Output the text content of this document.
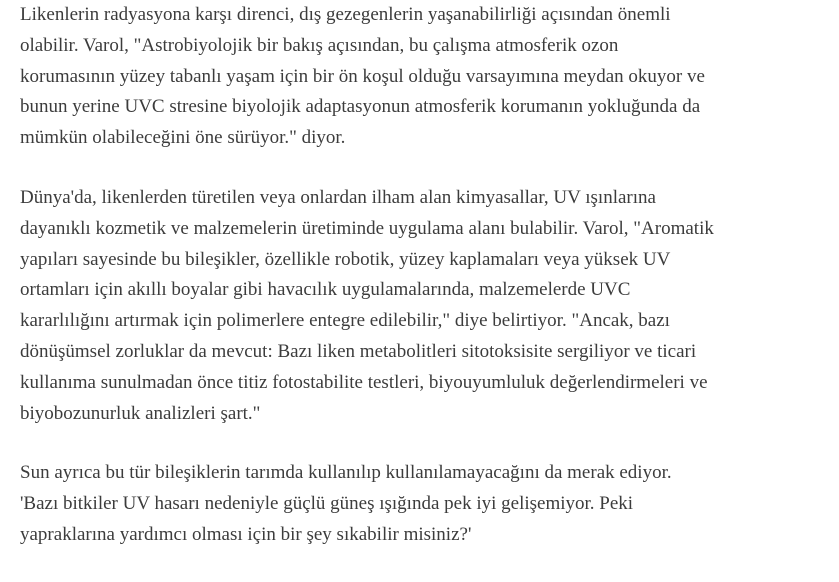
Likenlerin radyasyona karşı direnci, dış gezegenlerin yaşanabilirliği açısından önemli
olabilir. Varol, "Astrobiyolojik bir bakış açısından, bu çalışma atmosferik ozon
korumasının yüzey tabanlı yaşam için bir ön koşul olduğu varsayımına meydan okuyor ve
bunun yerine UVC stresine biyolojik adaptasyonun atmosferik korumanın yokluğunda da
mümkün olabileceğini öne sürüyor." diyor.

Dünya'da, likenlerden türetilen veya onlardan ilham alan kimyasallar, UV ışınlarına
dayanıklı kozmetik ve malzemelerin üretiminde uygulama alanı bulabilir. Varol, "Aromatik
yapıları sayesinde bu bileşikler, özellikle robotik, yüzey kaplamaları veya yüksek UV
ortamları için akıllı boyalar gibi havacılık uygulamalarında, malzemelerde UVC
kararlılığını artırmak için polimerlere entegre edilebilir," diye belirtiyor. "Ancak, bazı
dönüşümsel zorluklar da mevcut: Bazı liken metabolitleri sitotoksisite sergiliyor ve ticari
kullanıma sunulmadan önce titiz fotostabilite testleri, biyouyumluluk değerlendirmeleri ve
biyobozunurluk analizleri şart."

Sun ayrıca bu tür bileşiklerin tarımda kullanılıp kullanılamayacağını da merak ediyor.
'Bazı bitkiler UV hasarı nedeniyle güçlü güneş ışığında pek iyi gelişemiyor. Peki
yapraklarına yardımcı olması için bir şey sıkabilir misiniz?'
